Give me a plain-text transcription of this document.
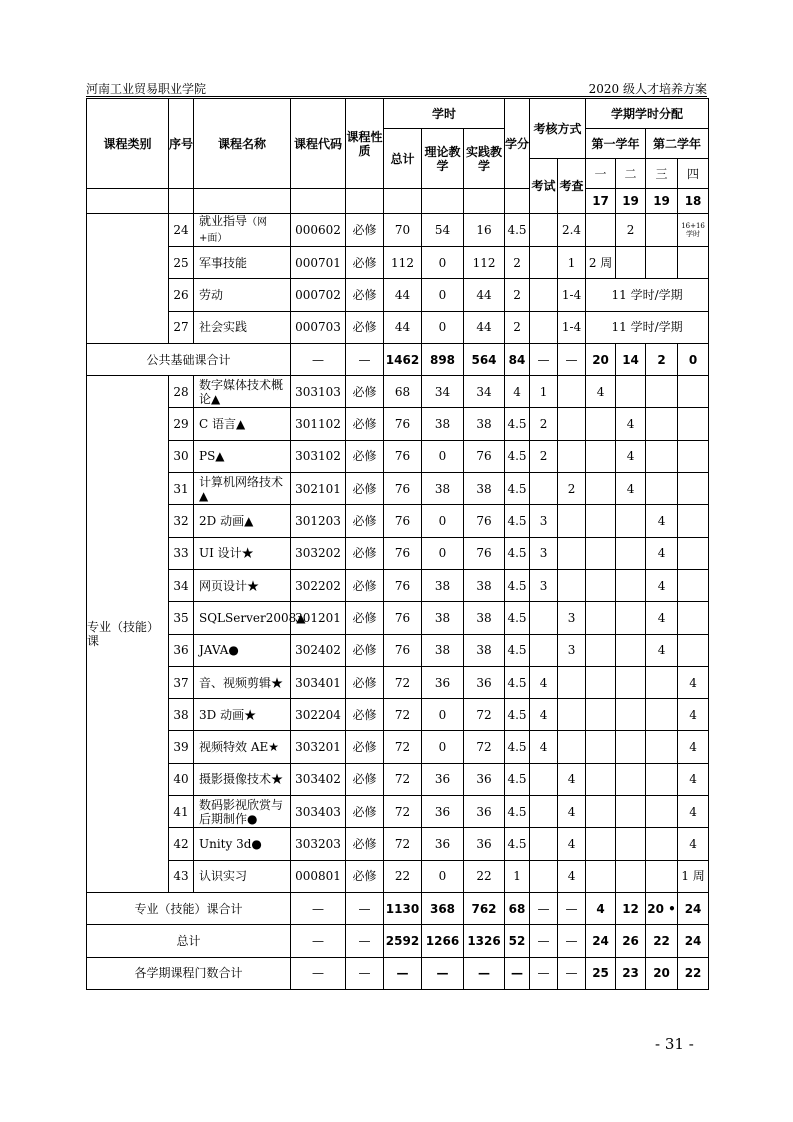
河南工业贸易职业学院	2020 级人才培养方案
课程类别	序号	课程名称	课程代码	课程性质	学时			学分	考核方式		学期学时分配			
					总计	理论教学	实践教学				第一学年		第二学年	
									考试	考查	一	二	三	四
											17	19	19	18
	24	就业指导（网+面）	000602	必修	70	54	16	4.5		2.4		2		16+16学时
	25	军事技能	000701	必修	112	0	112	2		1	2 周			
	26	劳动	000702	必修	44	0	44	2		1-4	11 学时/学期			
	27	社会实践	000703	必修	44	0	44	2		1-4	11 学时/学期			
公共基础课合计			—	—	1462	898	564	84	—	—	20	14	2	0
专业（技能）课	28	数字媒体技术概论▲	303103	必修	68	34	34	4	1		4			
	29	C 语言▲	301102	必修	76	38	38	4.5	2			4		
	30	PS▲	303102	必修	76	0	76	4.5	2			4		
	31	计算机网络技术▲	302101	必修	76	38	38	4.5		2		4		
	32	2D 动画▲	301203	必修	76	0	76	4.5	3				4	
	33	UI 设计★	303202	必修	76	0	76	4.5	3				4	
	34	网页设计★	302202	必修	76	38	38	4.5	3				4	
	35	SQLServer2008▲	301201	必修	76	38	38	4.5		3			4	
	36	JAVA●	302402	必修	76	38	38	4.5		3			4	
	37	音、视频剪辑★	303401	必修	72	36	36	4.5	4					4
	38	3D 动画★	302204	必修	72	0	72	4.5	4					4
	39	视频特效 AE★	303201	必修	72	0	72	4.5	4					4
	40	摄影摄像技术★	303402	必修	72	36	36	4.5		4				4
	41	数码影视欣赏与后期制作●	303403	必修	72	36	36	4.5		4				4
	42	Unity 3d●	303203	必修	72	36	36	4.5		4				4
	43	认识实习	000801	必修	22	0	22	1		4				1 周
专业（技能）课合计			—	—	1130	368	762	68	—	—	4	12	20 •	24
总计			—	—	2592	1266	1326	52	—	—	24	26	22	24
各学期课程门数合计			—	—	—	—	—	—	—	—	25	23	20	22
- 31 -
